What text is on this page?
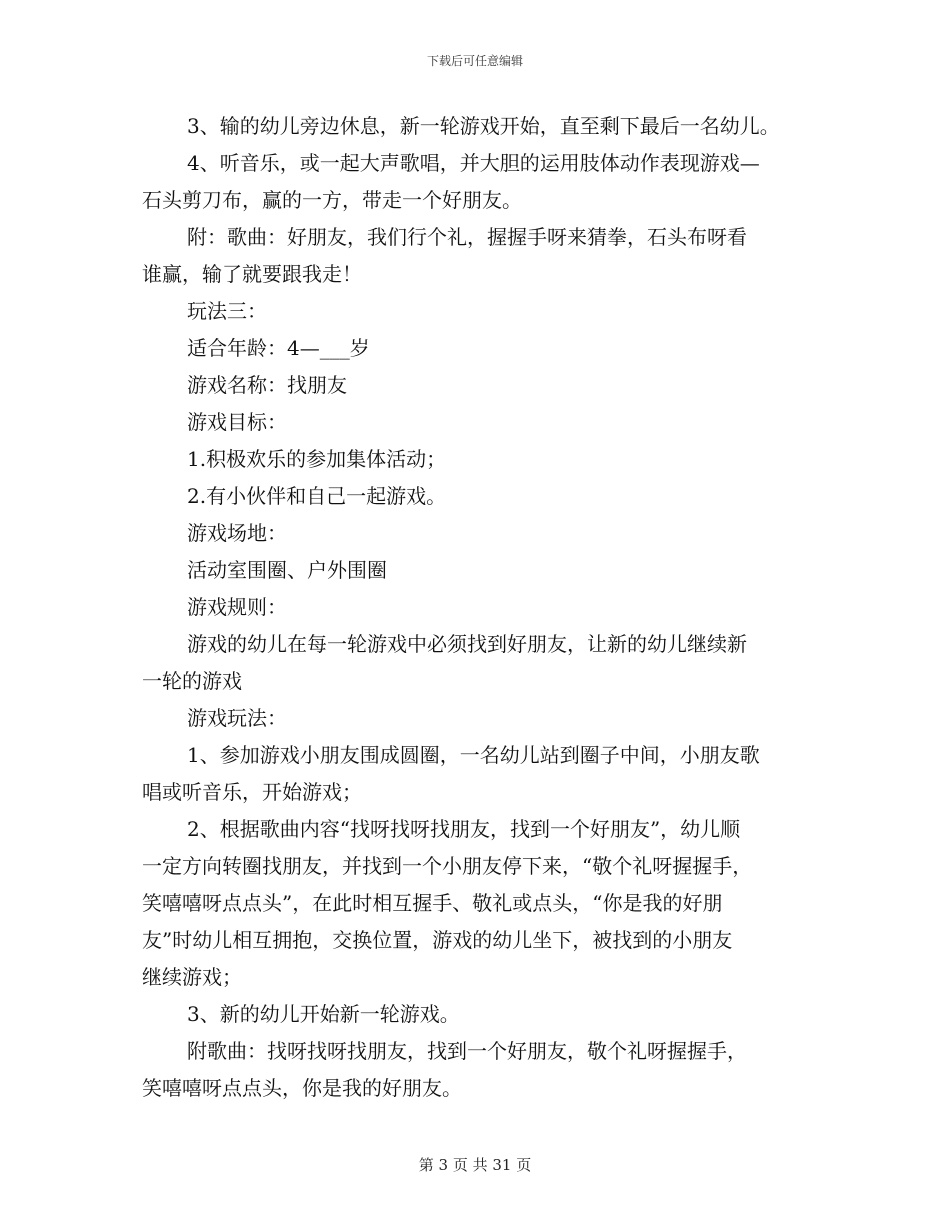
下载后可任意编辑

3、输的幼儿旁边休息，新一轮游戏开始，直至剩下最后一名幼儿。

4、听音乐，或一起大声歌唱，并大胆的运用肢体动作表现游戏—

石头剪刀布，赢的一方，带走一个好朋友。

附：歌曲：好朋友，我们行个礼，握握手呀来猜拳，石头布呀看

谁赢，输了就要跟我走！

玩法三：

适合年龄：4—___岁

游戏名称：找朋友

游戏目标：

1.积极欢乐的参加集体活动；

2.有小伙伴和自己一起游戏。

游戏场地：

活动室围圈、户外围圈

游戏规则：

游戏的幼儿在每一轮游戏中必须找到好朋友，让新的幼儿继续新

一轮的游戏

游戏玩法：

1、参加游戏小朋友围成圆圈，一名幼儿站到圈子中间，小朋友歌

唱或听音乐，开始游戏；

2、根据歌曲内容“找呀找呀找朋友，找到一个好朋友”，幼儿顺

一定方向转圈找朋友，并找到一个小朋友停下来，“敬个礼呀握握手，

笑嘻嘻呀点点头”，在此时相互握手、敬礼或点头，“你是我的好朋

友”时幼儿相互拥抱，交换位置，游戏的幼儿坐下，被找到的小朋友

继续游戏；

3、新的幼儿开始新一轮游戏。

附歌曲：找呀找呀找朋友，找到一个好朋友，敬个礼呀握握手，

笑嘻嘻呀点点头，你是我的好朋友。

第 3 页 共 31 页
